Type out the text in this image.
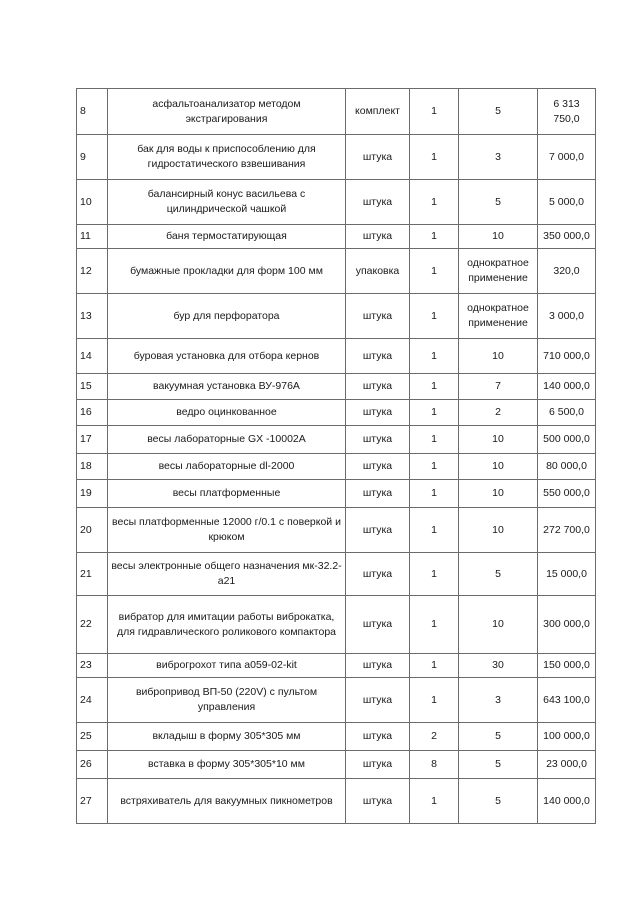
8	асфальтоанализатор методом экстрагирования	комплект	1	5	6 313 750,0
9	бак для воды к приспособлению для гидростатического взвешивания	штука	1	3	7 000,0
10	балансирный конус васильева с цилиндрической чашкой	штука	1	5	5 000,0
11	баня термостатирующая	штука	1	10	350 000,0
12	бумажные прокладки для форм 100 мм	упаковка	1	однократное применение	320,0
13	бур для перфоратора	штука	1	однократное применение	3 000,0
14	буровая установка для отбора кернов	штука	1	10	710 000,0
15	вакуумная установка ВУ-976А	штука	1	7	140 000,0
16	ведро оцинкованное	штука	1	2	6 500,0
17	весы лабораторные GX -10002A	штука	1	10	500 000,0
18	весы лабораторные dl-2000	штука	1	10	80 000,0
19	весы платформенные	штука	1	10	550 000,0
20	весы платформенные 12000 г/0.1 с поверкой и крюком	штука	1	10	272 700,0
21	весы электронные общего назначения мк-32.2-а21	штука	1	5	15 000,0
22	вибратор для имитации работы виброкатка, для гидравлического роликового компактора	штука	1	10	300 000,0
23	виброгрохот типа а059-02-kit	штука	1	30	150 000,0
24	вибропривод ВП-50 (220V) с пультом управления	штука	1	3	643 100,0
25	вкладыш в форму 305*305 мм	штука	2	5	100 000,0
26	вставка в форму 305*305*10 мм	штука	8	5	23 000,0
27	встряхиватель для вакуумных пикнометров	штука	1	5	140 000,0
